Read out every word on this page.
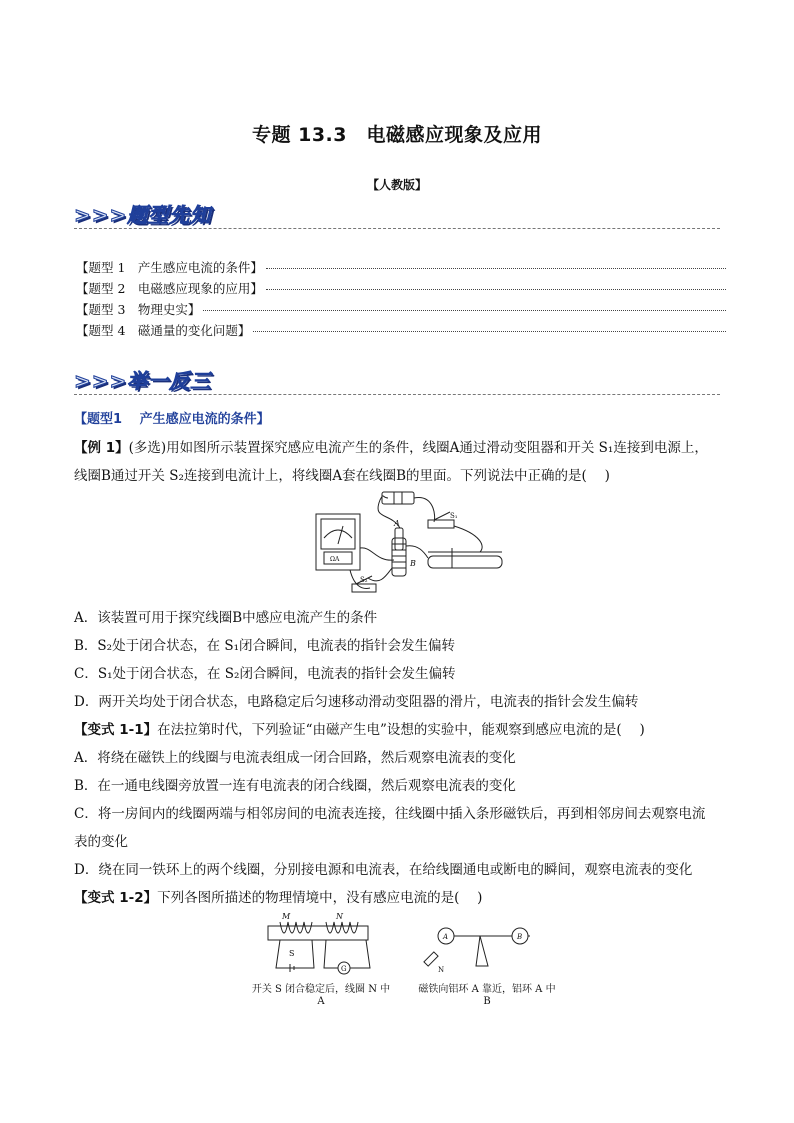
专题 13.3　电磁感应现象及应用
【人教版】
>>>题型先知
【题型 1　产生感应电流的条件】
【题型 2　电磁感应现象的应用】
【题型 3　物理史实】
【题型 4　磁通量的变化问题】
>>>举一反三

【题型1　 产生感应电流的条件】

【例 1】(多选)用如图所示装置探究感应电流产生的条件，线圈A通过滑动变阻器和开关 S₁连接到电源上，

线圈B通过开关 S₂连接到电流计上，将线圈A套在线圈B的里面。下列说法中正确的是(　 )

A
B
S₁
S₂
ΩA

A．该装置可用于探究线圈B中感应电流产生的条件

B．S₂处于闭合状态，在 S₁闭合瞬间，电流表的指针会发生偏转

C．S₁处于闭合状态，在 S₂闭合瞬间，电流表的指针会发生偏转

D．两开关均处于闭合状态，电路稳定后匀速移动滑动变阻器的滑片，电流表的指针会发生偏转

【变式 1-1】在法拉第时代，下列验证“由磁产生电”设想的实验中，能观察到感应电流的是(　 )

A．将绕在磁铁上的线圈与电流表组成一闭合回路，然后观察电流表的变化

B．在一通电线圈旁放置一连有电流表的闭合线圈，然后观察电流表的变化

C．将一房间内的线圈两端与相邻房间的电流表连接，往线圈中插入条形磁铁后，再到相邻房间去观察电流

表的变化

D．绕在同一铁环上的两个线圈，分别接电源和电流表，在给线圈通电或断电的瞬间，观察电流表的变化

【变式 1-2】下列各图所描述的物理情境中，没有感应电流的是(　 )

M	N
S
G
A	B
N
开关 S 闭合稳定后，线圈 N 中
A
磁铁向铝环 A 靠近，铝环 A 中
B
